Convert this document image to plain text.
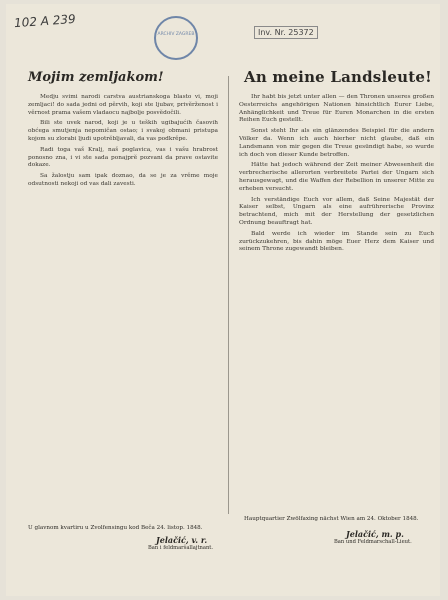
102 A 239
ARCHIV ZAGREB	Inv. Nr. 25372
Mojim zemljakom!	An meine Landsleute!

Medju svimi narodi carstva austrianskoga blasto vi, moji zemljaci! do sada jedni od pĕrvih, koji ste ljubav, privĕrženost i vĕrnost prama vašem vladaocu najbolje posvĕdočili.

Bili ste uvek narod, koji je u teških ugibajućih časovih obćega smutjenja nepomičan ostao; i svakoj obmani pristupa kojom su zlorabi ljudi upotrĕbljavali, da vas podkrĕpe.

Radi toga vaš Kralj, naš poglavica, vas i vašu hrabrost ponosno zna, i vi ste sada ponajprĕ pozvani da prave ostavite dokaze.

Sa žalostju sam ipak doznao, da se je za vrĕme moje odsutnosti nekoji od vas dali zavesti.

Ihr habt bis jetzt unter allen — den Thronen unseres großen Oesterreichs angehörigen Nationen hinsichtlich Eurer Liebe, Anhänglichkeit und Treue für Euren Monarchen in die ersten Reihen Euch gestellt.

Sonst steht Ihr als ein glänzendes Beispiel für die andern Völker da. Wenn ich auch hierher nicht glaube, daß ein Landsmann von mir gegen die Treue gesündigt habe, so wurde ich doch von dieser Kunde betroffen.

Hätte hat jedoch während der Zeit meiner Abwesenheit die verbrecherische allerorten verbreitete Partei der Ungarn sich herausgewagt, und die Waffen der Rebellion in unserer Mitte zu erheben versucht.

Ich verständige Euch vor allem, daß Seine Majestät der Kaiser selbst, Ungarn als eine aufrührerische Provinz betrachtend, mich mit der Herstellung der gesetzlichen Ordnung beauftragt hat.

Bald werde ich wieder im Stande sein zu Euch zurückzukehren, bis dahin möge Euer Herz dem Kaiser und seinem Throne zugewandt bleiben.

U glavnom kvartiru u Zvolfensingu kod Beča 24. listop. 1848.
Jelačić, v. r.
Ban i feldmaršallajtnant.
Hauptquartier Zwölfaxing nächst Wien am 24. Oktober 1848.
Jelačić, m. p.
Ban und Feldmarschall-Lieut.
